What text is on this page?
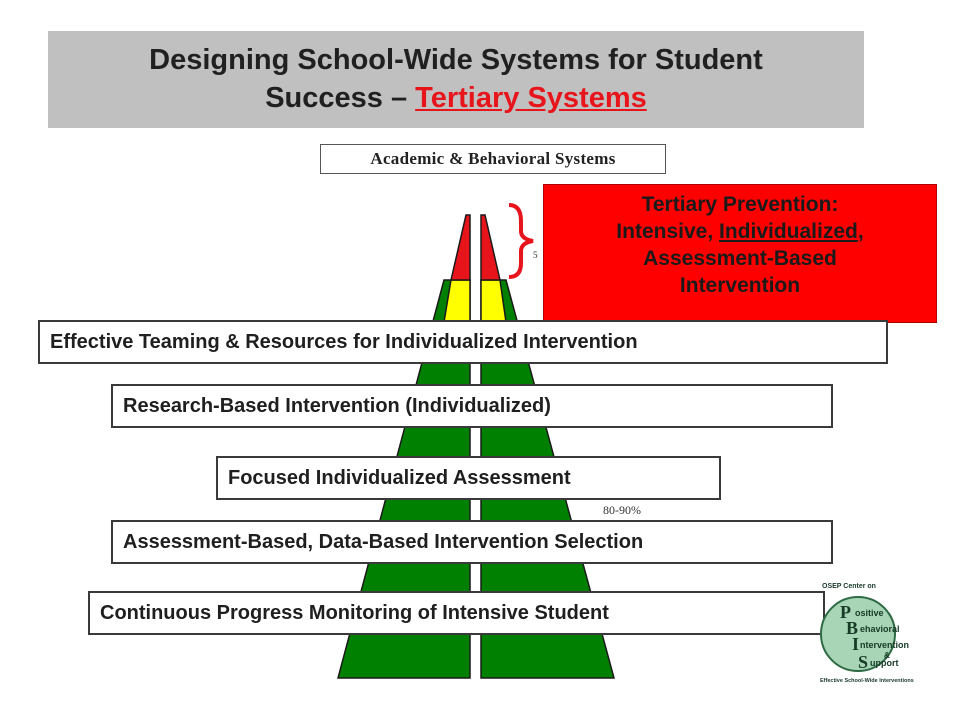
Designing School-Wide Systems for Student
Success – Tertiary Systems
Academic & Behavioral Systems
5
Tertiary Prevention:
Intensive, Individualized,
Assessment-Based
Intervention
Effective Teaming & Resources for Individualized Intervention
Research-Based Intervention (Individualized)
Focused Individualized Assessment
80-90%
Assessment-Based, Data-Based Intervention Selection
Continuous Progress Monitoring of Intensive Student
OSEP Center on
P ositive
B ehavioral
I ntervention
&
S upport
Effective School-Wide Interventions
